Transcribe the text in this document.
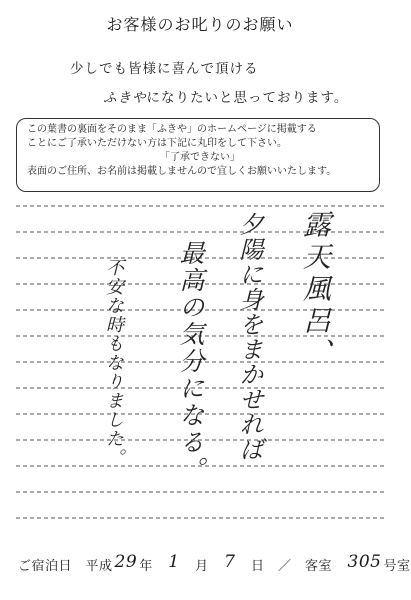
お客様のお叱りのお願い
少しでも皆様に喜んで頂ける
ふきやになりたいと思っております。
この葉書の裏面をそのまま「ふきや」のホームページに掲載する
ことにご了承いただけない方は下記に丸印をして下さい。
「了承できない」
表面のご住所、お名前は掲載しませんので宜しくお願いいたします。
露天風呂、
夕陽に身をまかせれば
最高の気分になる。
不安な時もなりました。
ご宿泊日　 平成 29 年　 1　 月　 7　 日　 ／　 客室　 305 号室
